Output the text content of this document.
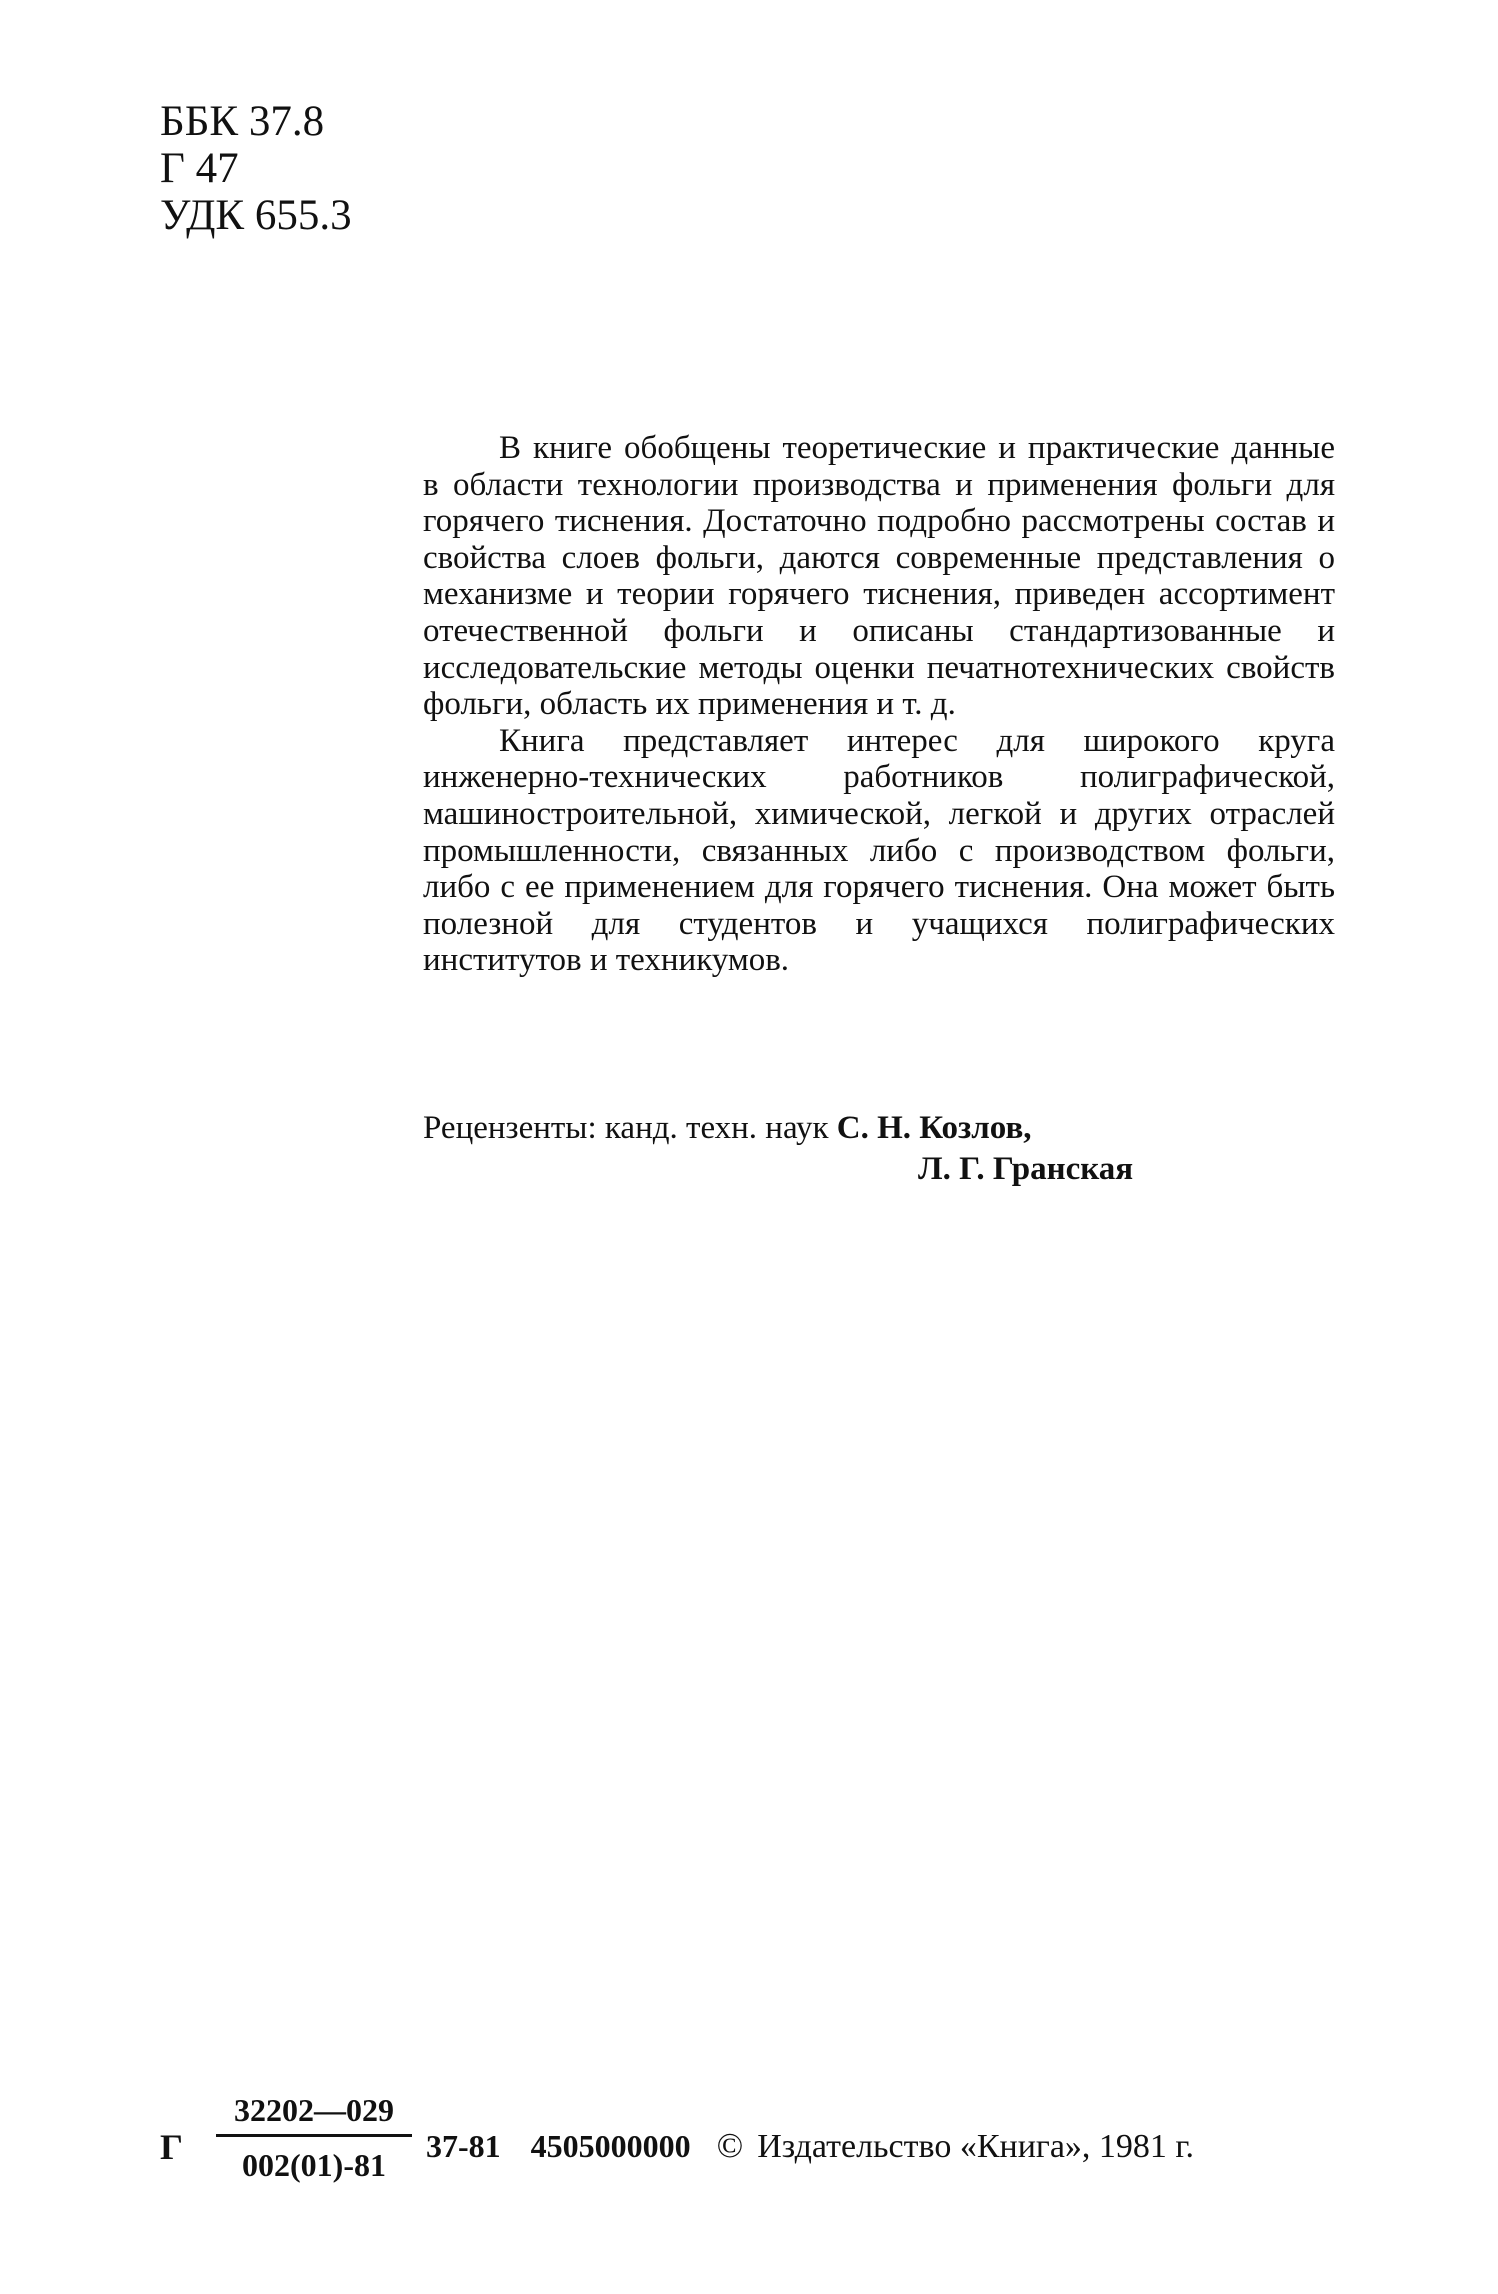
ББК 37.8
Г 47
УДК 655.3

В книге обобщены теоретические и практические данные в области технологии производства и применения фольги для горячего тиснения. Достаточно подробно рассмотрены состав и свойства слоев фольги, даются современные представления о механизме и теории горячего тиснения, приведен ассортимент отечественной фольги и описаны стандартизованные и исследовательские методы оценки печатнотехнических свойств фольги, область их применения и т. д.

Книга представляет интерес для широкого круга инженерно-технических работников полиграфической, машиностроительной, химической, легкой и других отраслей промышленности, связанных либо с производством фольги, либо с ее применением для горячего тиснения. Она может быть полезной для студентов и учащихся полиграфических институтов и техникумов.

Рецензенты: канд. техн. наук С. Н. Козлов,
Л. Г. Гранская
Г $\frac{32202—029}{002(01)-81} 37-81$ 4505000000 © Издательство «Книга», 1981 г.
